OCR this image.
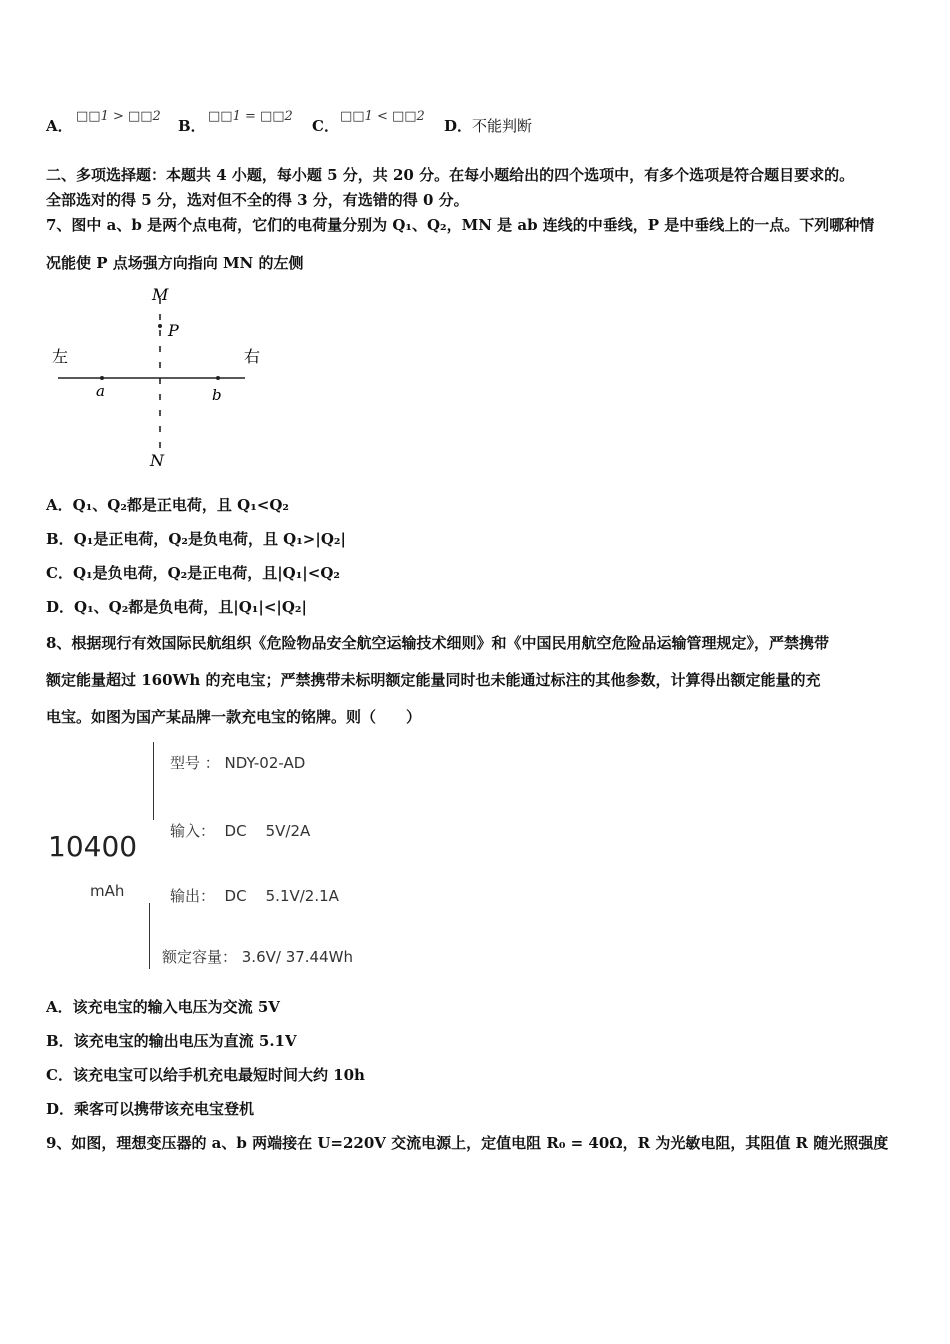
A．
□□1 > □□2
B．
□□1 = □□2
C．
□□1 < □□2
D．不能判断
二、多项选择题：本题共 4 小题，每小题 5 分，共 20 分。在每小题给出的四个选项中，有多个选项是符合题目要求的。
全部选对的得 5 分，选对但不全的得 3 分，有选错的得 0 分。
7、图中 a、b 是两个点电荷，它们的电荷量分别为 Q₁、Q₂，MN 是 ab 连线的中垂线，P 是中垂线上的一点。下列哪种情
况能使 P 点场强方向指向 MN 的左侧
M
P
N
左	右
a	b
A．Q₁、Q₂都是正电荷，且 Q₁<Q₂
B．Q₁是正电荷，Q₂是负电荷，且 Q₁>|Q₂|
C．Q₁是负电荷，Q₂是正电荷，且|Q₁|<Q₂
D．Q₁、Q₂都是负电荷，且|Q₁|<|Q₂|
8、根据现行有效国际民航组织《危险物品安全航空运输技术细则》和《中国民用航空危险品运输管理规定》，严禁携带
额定能量超过 160Wh 的充电宝；严禁携带未标明额定能量同时也未能通过标注的其他参数，计算得出额定能量的充
电宝。如图为国产某品牌一款充电宝的铭牌。则（　　）
10400
mAh
型号 ： NDY-02-AD
输入：  DC    5V/2A
输出：  DC    5.1V/2.1A
额定容量： 3.6V/ 37.44Wh
A．该充电宝的输入电压为交流 5V
B．该充电宝的输出电压为直流 5.1V
C．该充电宝可以给手机充电最短时间大约 10h
D．乘客可以携带该充电宝登机
9、如图，理想变压器的 a、b 两端接在 U=220V 交流电源上，定值电阻 R₀ = 40Ω，R 为光敏电阻，其阻值 R 随光照强度
